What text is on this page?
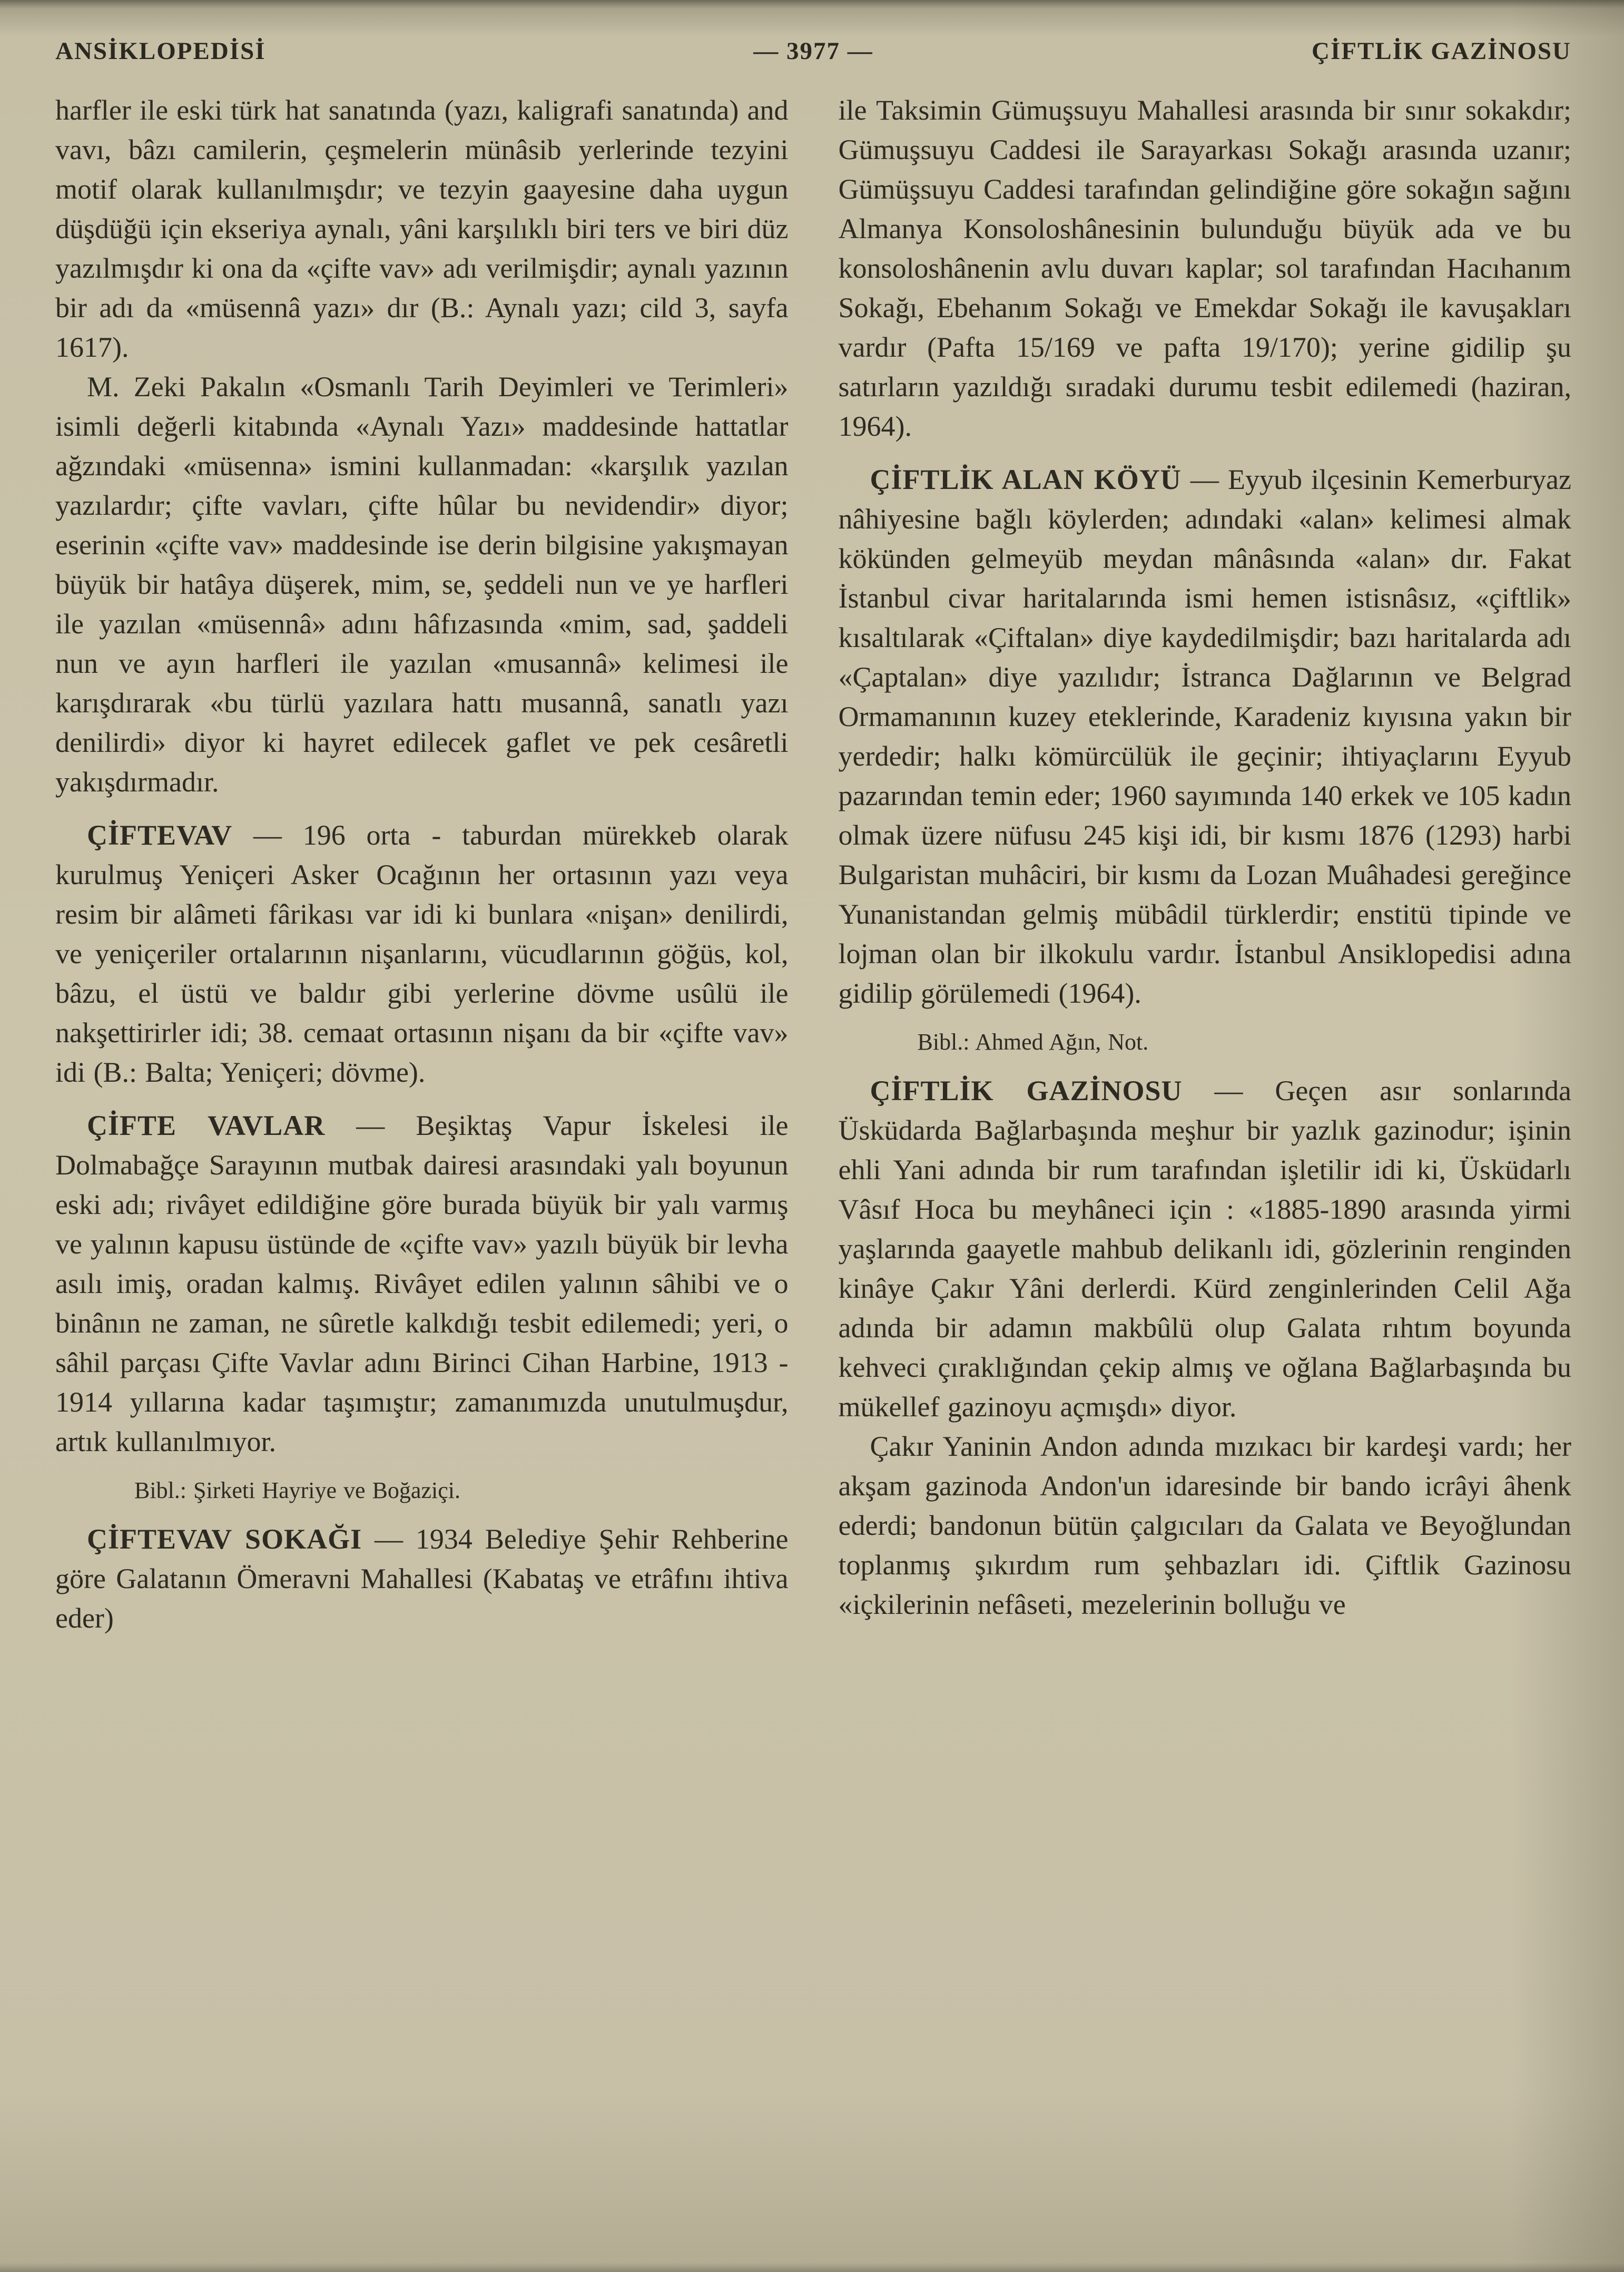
ANSİKLOPEDİSİ	— 3977 —	ÇİFTLİK GAZİNOSU

harfler ile eski türk hat sanatında (yazı, kaligrafi sanatında) and vavı, bâzı camilerin, çeşmelerin münâsib yerlerinde tezyini motif olarak kullanılmışdır; ve tezyin gaayesine daha uygun düşdüğü için ekseriya aynalı, yâni karşılıklı biri ters ve biri düz yazılmışdır ki ona da «çifte vav» adı verilmişdir; aynalı yazının bir adı da «müsennâ yazı» dır (B.: Aynalı yazı; cild 3, sayfa 1617).

M. Zeki Pakalın «Osmanlı Tarih Deyimleri ve Terimleri» isimli değerli kitabında «Aynalı Yazı» maddesinde hattatlar ağzındaki «müsenna» ismini kullanmadan: «karşılık yazılan yazılardır; çifte vavları, çifte hûlar bu nevidendir» diyor; eserinin «çifte vav» maddesinde ise derin bilgisine yakışmayan büyük bir hatâya düşerek, mim, se, şeddeli nun ve ye harfleri ile yazılan «müsennâ» adını hâfızasında «mim, sad, şaddeli nun ve ayın harfleri ile yazılan «musannâ» kelimesi ile karışdırarak «bu türlü yazılara hattı musannâ, sanatlı yazı denilirdi» diyor ki hayret edilecek gaflet ve pek cesâretli yakışdırmadır.

ÇİFTEVAV — 196 orta - taburdan mürekkeb olarak kurulmuş Yeniçeri Asker Ocağının her ortasının yazı veya resim bir alâmeti fârikası var idi ki bunlara «nişan» denilirdi, ve yeniçeriler ortalarının nişanlarını, vücudlarının göğüs, kol, bâzu, el üstü ve baldır gibi yerlerine dövme usûlü ile nakşettirirler idi; 38. cemaat ortasının nişanı da bir «çifte vav» idi (B.: Balta; Yeniçeri; dövme).

ÇİFTE VAVLAR — Beşiktaş Vapur İskelesi ile Dolmabağçe Sarayının mutbak dairesi arasındaki yalı boyunun eski adı; rivâyet edildiğine göre burada büyük bir yalı varmış ve yalının kapusu üstünde de «çifte vav» yazılı büyük bir levha asılı imiş, oradan kalmış. Rivâyet edilen yalının sâhibi ve o binânın ne zaman, ne sûretle kalkdığı tesbit edilemedi; yeri, o sâhil parçası Çifte Vavlar adını Birinci Cihan Harbine, 1913 - 1914 yıllarına kadar taşımıştır; zamanımızda unutulmuşdur, artık kullanılmıyor.

Bibl.: Şirketi Hayriye ve Boğaziçi.

ÇİFTEVAV SOKAĞI — 1934 Belediye Şehir Rehberine göre Galatanın Ömeravni Mahallesi (Kabataş ve etrâfını ihtiva eder)

ile Taksimin Gümuşsuyu Mahallesi arasında bir sınır sokakdır; Gümuşsuyu Caddesi ile Sarayarkası Sokağı arasında uzanır; Gümüşsuyu Caddesi tarafından gelindiğine göre sokağın sağını Almanya Konsoloshânesinin bulunduğu büyük ada ve bu konsoloshânenin avlu duvarı kaplar; sol tarafından Hacıhanım Sokağı, Ebehanım Sokağı ve Emekdar Sokağı ile kavuşakları vardır (Pafta 15/169 ve pafta 19/170); yerine gidilip şu satırların yazıldığı sıradaki durumu tesbit edilemedi (haziran, 1964).

ÇİFTLİK ALAN KÖYÜ — Eyyub ilçesinin Kemerburyaz nâhiyesine bağlı köylerden; adındaki «alan» kelimesi almak kökünden gelmeyüb meydan mânâsında «alan» dır. Fakat İstanbul civar haritalarında ismi hemen istisnâsız, «çiftlik» kısaltılarak «Çiftalan» diye kaydedilmişdir; bazı haritalarda adı «Çaptalan» diye yazılıdır; İstranca Dağlarının ve Belgrad Ormamanının kuzey eteklerinde, Karadeniz kıyısına yakın bir yerdedir; halkı kömürcülük ile geçinir; ihtiyaçlarını Eyyub pazarından temin eder; 1960 sayımında 140 erkek ve 105 kadın olmak üzere nüfusu 245 kişi idi, bir kısmı 1876 (1293) harbi Bulgaristan muhâciri, bir kısmı da Lozan Muâhadesi gereğince Yunanistandan gelmiş mübâdil türklerdir; enstitü tipinde ve lojman olan bir ilkokulu vardır. İstanbul Ansiklopedisi adına gidilip görülemedi (1964).

Bibl.: Ahmed Ağın, Not.

ÇİFTLİK GAZİNOSU — Geçen asır sonlarında Üsküdarda Bağlarbaşında meşhur bir yazlık gazinodur; işinin ehli Yani adında bir rum tarafından işletilir idi ki, Üsküdarlı Vâsıf Hoca bu meyhâneci için : «1885-1890 arasında yirmi yaşlarında gaayetle mahbub delikanlı idi, gözlerinin renginden kinâye Çakır Yâni derlerdi. Kürd zenginlerinden Celil Ağa adında bir adamın makbûlü olup Galata rıhtım boyunda kehveci çıraklığından çekip almış ve oğlana Bağlarbaşında bu mükellef gazinoyu açmışdı» diyor.

Çakır Yaninin Andon adında mızıkacı bir kardeşi vardı; her akşam gazinoda Andon'un idaresinde bir bando icrâyi âhenk ederdi; bandonun bütün çalgıcıları da Galata ve Beyoğlundan toplanmış şıkırdım rum şehbazları idi. Çiftlik Gazinosu «içkilerinin nefâseti, mezelerinin bolluğu ve
